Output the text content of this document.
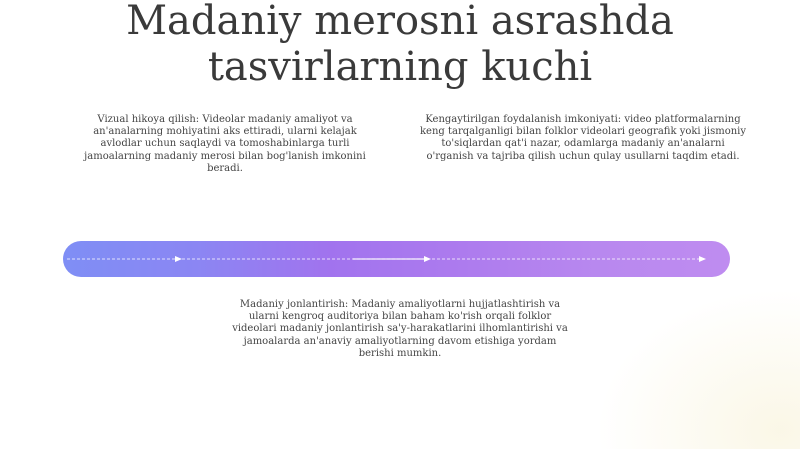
Madaniy merosni asrashda
tasvirlarning kuchi

Vizual hikoya qilish: Videolar madaniy amaliyot va an'analarning mohiyatini aks ettiradi, ularni kelajak avlodlar uchun saqlaydi va tomoshabinlarga turli jamoalarning madaniy merosi bilan bog'lanish imkonini beradi.

Kengaytirilgan foydalanish imkoniyati: video platformalarning keng tarqalganligi bilan folklor videolari geografik yoki jismoniy to'siqlardan qat'i nazar, odamlarga madaniy an'analarni o'rganish va tajriba qilish uchun qulay usullarni taqdim etadi.

Madaniy jonlantirish: Madaniy amaliyotlarni hujjatlashtirish va ularni kengroq auditoriya bilan baham ko'rish orqali folklor videolari madaniy jonlantirish sa'y-harakatlarini ilhomlantirishi va jamoalarda an'anaviy amaliyotlarning davom etishiga yordam berishi mumkin.
